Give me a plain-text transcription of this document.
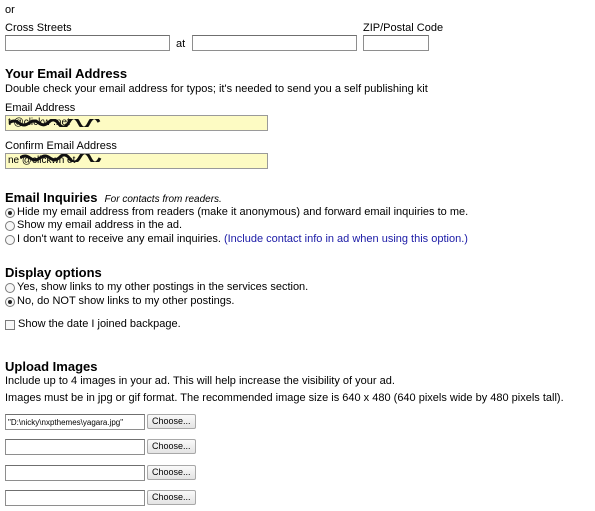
or
Cross Streets	ZIP/Postal Code
at
Your Email Address
Double check your email address for typos; it's needed to send you a self publishing kit
Email Address
t @clickw .net
Confirm Email Address
ne @clickwn et
Email Inquiries For contacts from readers.
Hide my email address from readers (make it anonymous) and forward email inquiries to me.
Show my email address in the ad.
I don't want to receive any email inquiries. (Include contact info in ad when using this option.)
Display options
Yes, show links to my other postings in the services section.
No, do NOT show links to my other postings.
Show the date I joined backpage.
Upload Images
Include up to 4 images in your ad. This will help increase the visibility of your ad.
Images must be in jpg or gif format. The recommended image size is 640 x 480 (640 pixels wide by 480 pixels tall).
"D:\nicky\nxpthemes\yagara.jpg"
Choose...
Choose...
Choose...
Choose...
